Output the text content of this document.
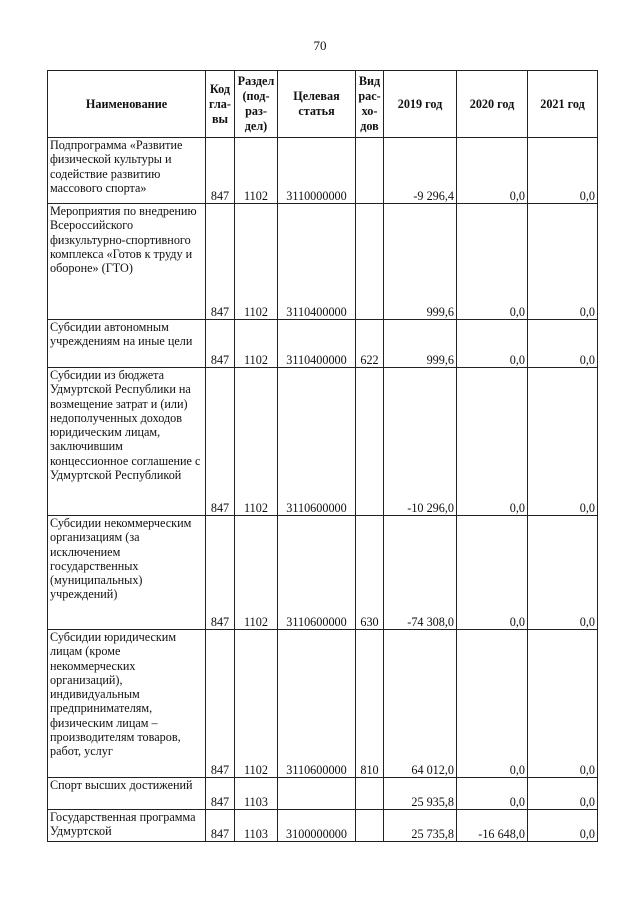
70
Наименование	Код гла-вы	Раздел (под-раз-дел)	Целевая статья	Вид рас-хо-дов	2019 год	2020 год	2021 год
Подпрограмма «Развитие физической культуры и содействие развитию массового спорта»	847	1102	3110000000		-9 296,4	0,0	0,0
Мероприятия по внедрению Всероссийского физкультурно-спортивного комплекса «Готов к труду и обороне» (ГТО)	847	1102	3110400000		999,6	0,0	0,0
Субсидии автономным учреждениям на иные цели	847	1102	3110400000	622	999,6	0,0	0,0
Субсидии из бюджета Удмуртской Республики на возмещение затрат и (или) недополученных доходов юридическим лицам, заключившим концессионное соглашение с Удмуртской Республикой	847	1102	3110600000		-10 296,0	0,0	0,0
Субсидии некоммерческим организациям (за исключением государственных (муниципальных) учреждений)	847	1102	3110600000	630	-74 308,0	0,0	0,0
Субсидии юридическим лицам (кроме некоммерческих организаций), индивидуальным предпринимателям, физическим лицам – производителям товаров, работ, услуг	847	1102	3110600000	810	64 012,0	0,0	0,0
Спорт высших достижений	847	1103			25 935,8	0,0	0,0
Государственная программа Удмуртской	847	1103	3100000000		25 735,8	-16 648,0	0,0
